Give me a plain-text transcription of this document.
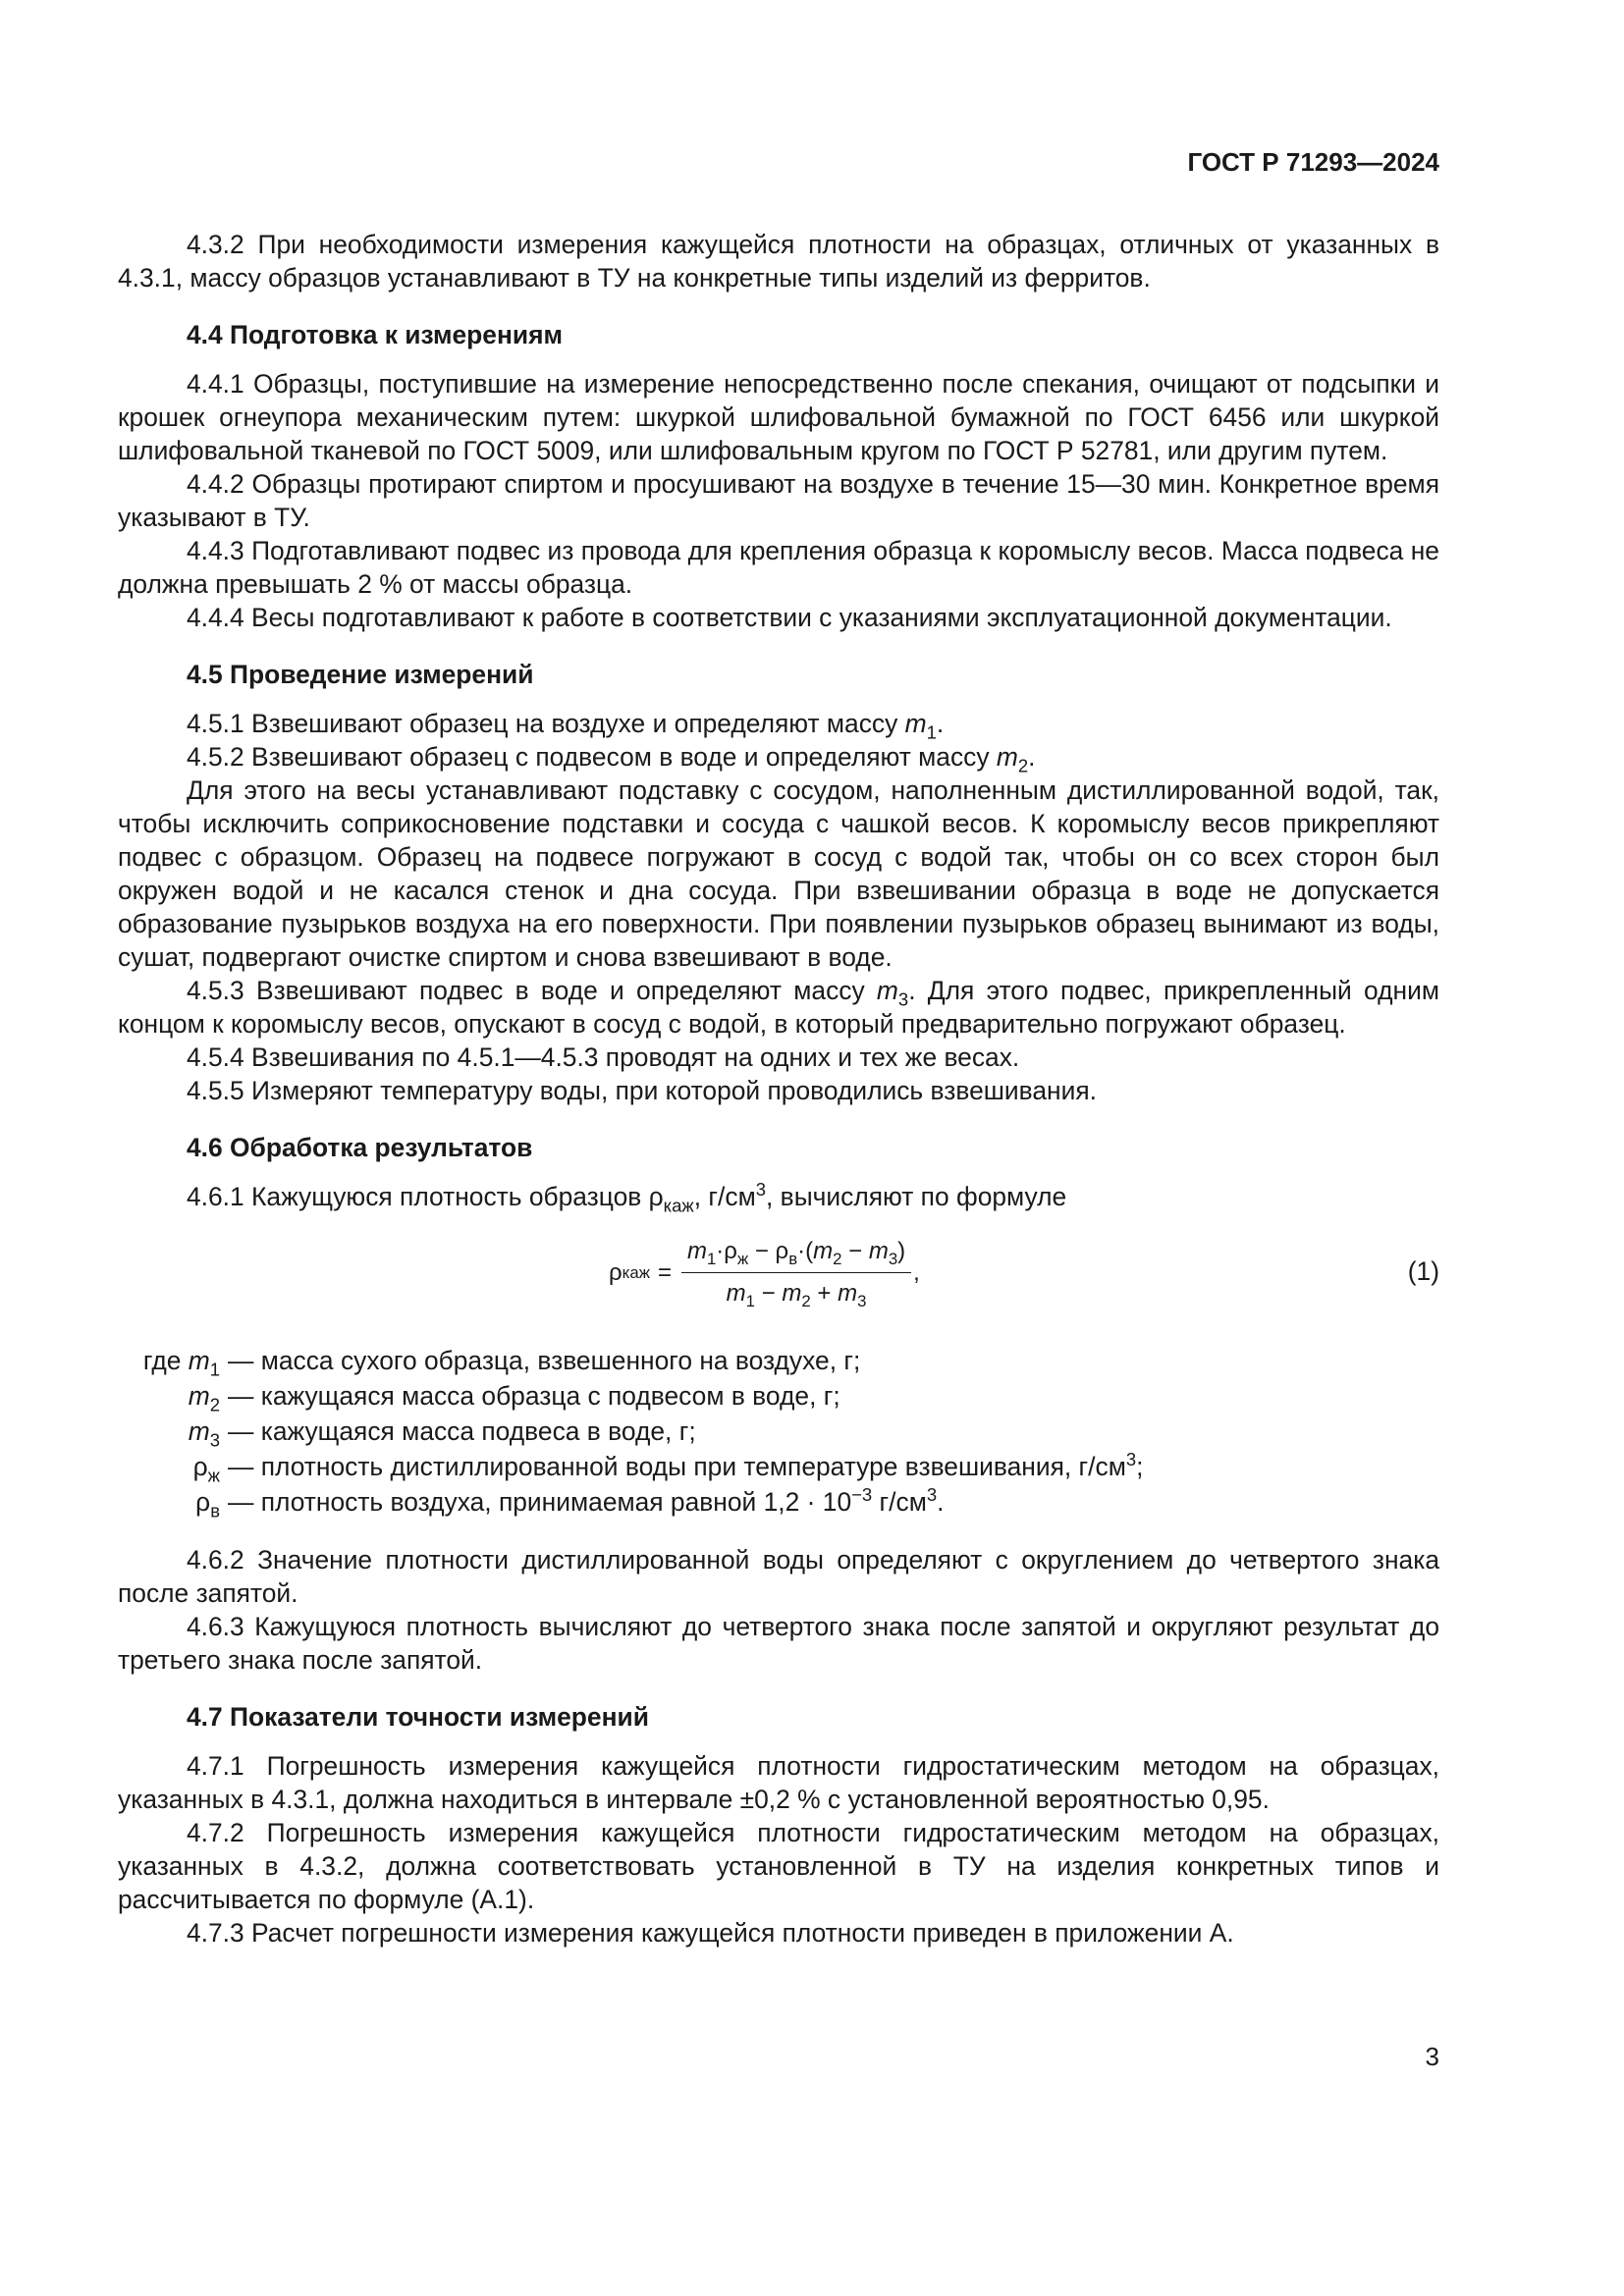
ГОСТ Р 71293—2024

4.3.2 При необходимости измерения кажущейся плотности на образцах, отличных от указанных в 4.3.1, массу образцов устанавливают в ТУ на конкретные типы изделий из ферритов.

4.4 Подготовка к измерениям

4.4.1 Образцы, поступившие на измерение непосредственно после спекания, очищают от подсыпки и крошек огнеупора механическим путем: шкуркой шлифовальной бумажной по ГОСТ 6456 или шкуркой шлифовальной тканевой по ГОСТ 5009, или шлифовальным кругом по ГОСТ Р 52781, или другим путем.

4.4.2 Образцы протирают спиртом и просушивают на воздухе в течение 15—30 мин. Конкретное время указывают в ТУ.

4.4.3 Подготавливают подвес из провода для крепления образца к коромыслу весов. Масса подвеса не должна превышать 2 % от массы образца.

4.4.4 Весы подготавливают к работе в соответствии с указаниями эксплуатационной документации.

4.5 Проведение измерений

4.5.1 Взвешивают образец на воздухе и определяют массу $m_1$.

4.5.2 Взвешивают образец с подвесом в воде и определяют массу $m_2$.

Для этого на весы устанавливают подставку с сосудом, наполненным дистиллированной водой, так, чтобы исключить соприкосновение подставки и сосуда с чашкой весов. К коромыслу весов прикрепляют подвес с образцом. Образец на подвесе погружают в сосуд с водой так, чтобы он со всех сторон был окружен водой и не касался стенок и дна сосуда. При взвешивании образца в воде не допускается образование пузырьков воздуха на его поверхности. При появлении пузырьков образец вынимают из воды, сушат, подвергают очистке спиртом и снова взвешивают в воде.

4.5.3 Взвешивают подвес в воде и определяют массу $m_3$. Для этого подвес, прикрепленный одним концом к коромыслу весов, опускают в сосуд с водой, в который предварительно погружают образец.

4.5.4 Взвешивания по 4.5.1—4.5.3 проводят на одних и тех же весах.

4.5.5 Измеряют температуру воды, при которой проводились взвешивания.

4.6 Обработка результатов

4.6.1 Кажущуюся плотность образцов $\rho_{каж}$, $г/см^3$, вычисляют по формуле

ρ каж = $\frac{m_1\cdot\rho_ж - \rho_в\cdot(m_2 - m_3)}{m_1 - m_2 + m_3}$ ,	(1)
где $m_1$ — масса сухого образца, взвешенного на воздухе, г;
$m_2$ — кажущаяся масса образца с подвесом в воде, г;
$m_3$ — кажущаяся масса подвеса в воде, г;
$\rho_ж$ — плотность дистиллированной воды при температуре взвешивания, $г/см^3$;
$\rho_в$ — плотность воздуха, принимаемая равной $1,2 \cdot 10^{-3}$ $г/см^3$.

4.6.2 Значение плотности дистиллированной воды определяют с округлением до четвертого знака после запятой.

4.6.3 Кажущуюся плотность вычисляют до четвертого знака после запятой и округляют результат до третьего знака после запятой.

4.7 Показатели точности измерений

4.7.1 Погрешность измерения кажущейся плотности гидростатическим методом на образцах, указанных в 4.3.1, должна находиться в интервале ±0,2 % с установленной вероятностью 0,95.

4.7.2 Погрешность измерения кажущейся плотности гидростатическим методом на образцах, указанных в 4.3.2, должна соответствовать установленной в ТУ на изделия конкретных типов и рассчитывается по формуле (А.1).

4.7.3 Расчет погрешности измерения кажущейся плотности приведен в приложении А.

3
